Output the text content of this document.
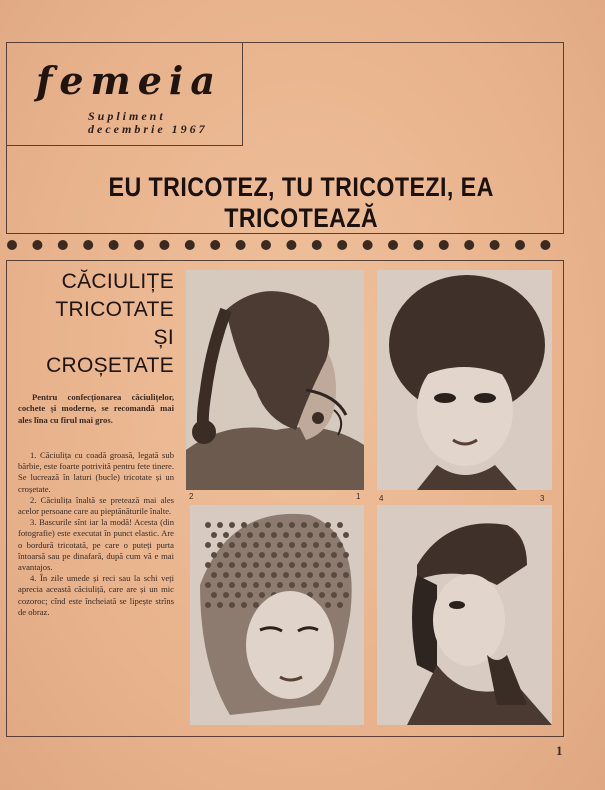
femeia
Supliment
decembrie 1967
EU TRICOTEZ, TU TRICOTEZI, EA TRICOTEAZĂ
CĂCIULIȚE
TRICOTATE
ȘI
CROȘETATE

Pentru confecționarea căciulițelor, cochete și moderne, se recomandă mai ales lîna cu firul mai gros.

1. Căciulița cu coadă groasă, legată sub bărbie, este foarte potrivită pentru fete tinere. Se lucrează în laturi (bucle) tricotate și un croșetate.

2. Căciulița înaltă se pretează mai ales acelor persoane care au pieptănăturile înalte.

3. Bascurile sînt iar la modă! Acesta (din fotografie) este executat în punct elastic. Are o bordură tricotată, pe care o puteți purta întoarsă sau pe dinafară, după cum vă e mai avantajos.

4. În zile umede și reci sau la schi veți aprecia această căciuliță, care are și un mic cozoroc; cînd este încheiată se lipește strîns de obraz.

2	1 4	3
1
